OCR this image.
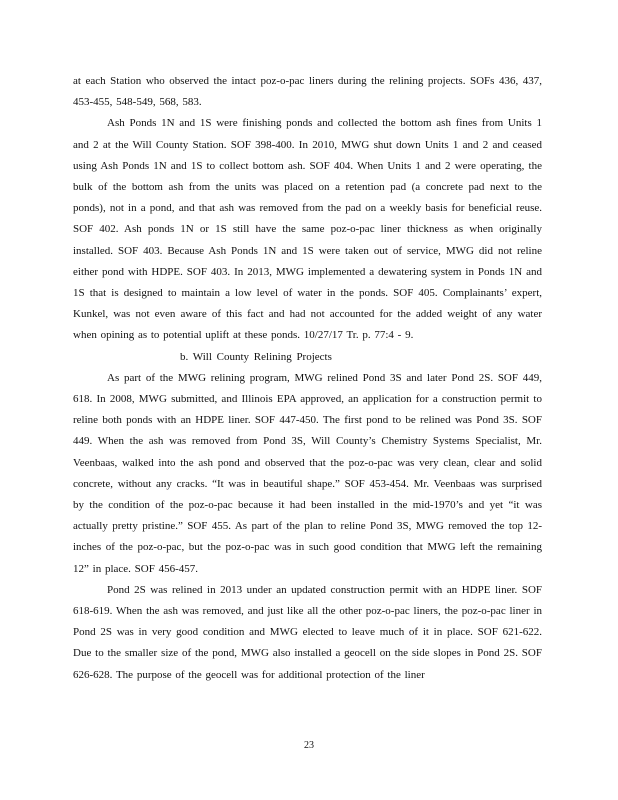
at each Station who observed the intact poz-o-pac liners during the relining projects. SOFs 436, 437, 453-455, 548-549, 568, 583.

Ash Ponds 1N and 1S were finishing ponds and collected the bottom ash fines from Units 1 and 2 at the Will County Station. SOF 398-400. In 2010, MWG shut down Units 1 and 2 and ceased using Ash Ponds 1N and 1S to collect bottom ash. SOF 404. When Units 1 and 2 were operating, the bulk of the bottom ash from the units was placed on a retention pad (a concrete pad next to the ponds), not in a pond, and that ash was removed from the pad on a weekly basis for beneficial reuse. SOF 402. Ash ponds 1N or 1S still have the same poz-o-pac liner thickness as when originally installed. SOF 403. Because Ash Ponds 1N and 1S were taken out of service, MWG did not reline either pond with HDPE. SOF 403. In 2013, MWG implemented a dewatering system in Ponds 1N and 1S that is designed to maintain a low level of water in the ponds. SOF 405. Complainants’ expert, Kunkel, was not even aware of this fact and had not accounted for the added weight of any water when opining as to potential uplift at these ponds. 10/27/17 Tr. p. 77:4 - 9.

b. Will County Relining Projects

As part of the MWG relining program, MWG relined Pond 3S and later Pond 2S. SOF 449, 618. In 2008, MWG submitted, and Illinois EPA approved, an application for a construction permit to reline both ponds with an HDPE liner. SOF 447-450. The first pond to be relined was Pond 3S. SOF 449. When the ash was removed from Pond 3S, Will County’s Chemistry Systems Specialist, Mr. Veenbaas, walked into the ash pond and observed that the poz-o-pac was very clean, clear and solid concrete, without any cracks. “It was in beautiful shape.” SOF 453-454. Mr. Veenbaas was surprised by the condition of the poz-o-pac because it had been installed in the mid-1970’s and yet “it was actually pretty pristine.” SOF 455. As part of the plan to reline Pond 3S, MWG removed the top 12-inches of the poz-o-pac, but the poz-o-pac was in such good condition that MWG left the remaining 12” in place. SOF 456-457.

Pond 2S was relined in 2013 under an updated construction permit with an HDPE liner. SOF 618-619. When the ash was removed, and just like all the other poz-o-pac liners, the poz-o-pac liner in Pond 2S was in very good condition and MWG elected to leave much of it in place. SOF 621-622. Due to the smaller size of the pond, MWG also installed a geocell on the side slopes in Pond 2S. SOF 626-628. The purpose of the geocell was for additional protection of the liner

23
